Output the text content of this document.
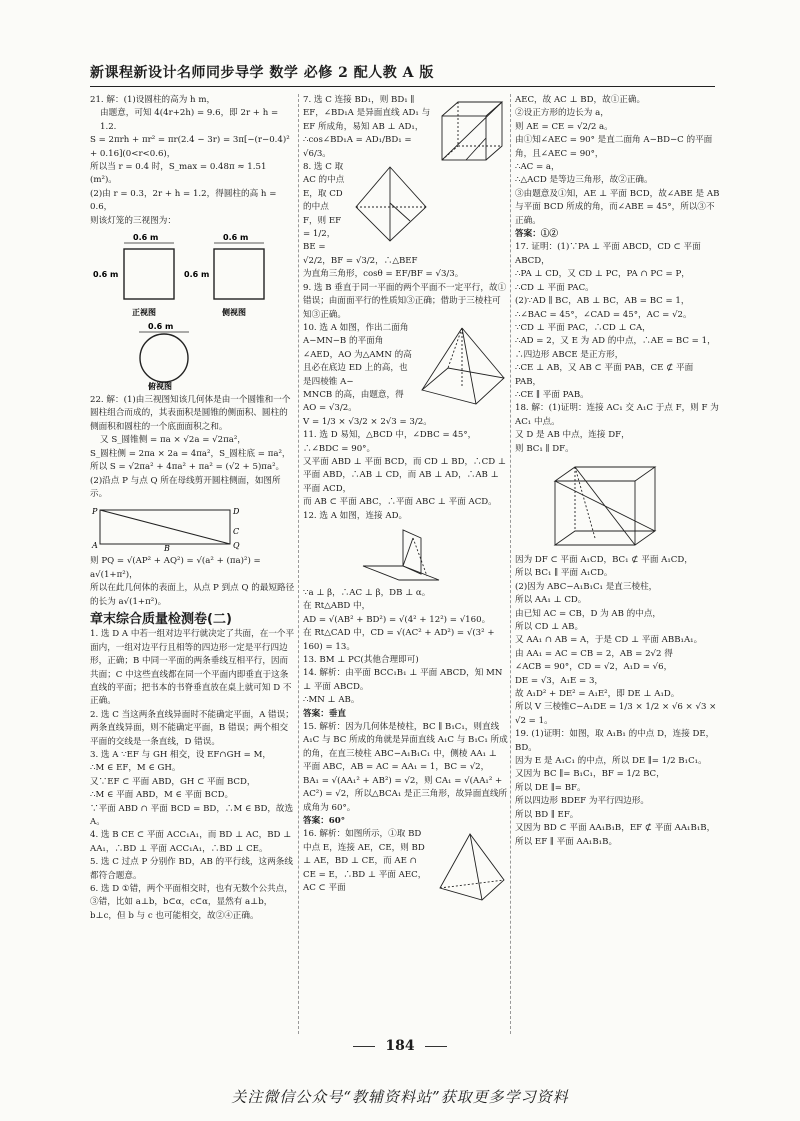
新课程新设计名师同步导学 数学 必修 2 配人教 A 版

21. 解：(1)设圆柱的高为 h m，

由题意，可知 4(4r+2h) = 9.6，即 2r + h = 1.2.

S = 2πrh + πr² = πr(2.4 − 3r) = 3π[−(r−0.4)² + 0.16](0<r<0.6)，

所以当 r = 0.4 时，S_max = 0.48π ≈ 1.51 (m²)。

(2)由 r = 0.3，2r + h = 1.2，得圆柱的高 h = 0.6，

则该灯笼的三视图为：

0.6 m
0.6 m
正视图
0.6 m
0.6 m
侧视图
0.6 m
俯视图

22. 解：(1)由三视图知该几何体是由一个圆锥和一个圆柱组合而成的，其表面积是圆锥的侧面积、圆柱的侧面积和圆柱的一个底面面积之和。

又 S_圆锥侧 = πa × √2a = √2πa²，

S_圆柱侧 = 2πa × 2a = 4πa²，S_圆柱底 = πa²，

所以 S = √2πa² + 4πa² + πa² = (√2 + 5)πa²。

(2)沿点 P 与点 Q 所在母线剪开圆柱侧面，如图所示。

P
A
D
C
Q
B

则 PQ = √(AP² + AQ²) = √(a² + (πa)²) = a√(1+π²)，

所以在此几何体的表面上，从点 P 到点 Q 的最短路径的长为 a√(1+π²)。

章末综合质量检测卷(二)

1. 选 D A 中若一组对边平行就决定了共面，在一个平面内，一组对边平行且相等的四边形一定是平行四边形，正确；B 中同一平面的两条垂线互相平行，因而共面；C 中这些直线都在同一个平面内即垂直于这条直线的平面；把书本的书脊垂直放在桌上就可知 D 不正确。

2. 选 C 当这两条直线异面时不能确定平面，A 错误；两条直线异面，则不能确定平面，B 错误；两个相交平面的交线是一条直线，D 错误。

3. 选 A ∵EF 与 GH 相交，设 EF∩GH = M，

∴M ∈ EF，M ∈ GH。

又∵EF ⊂ 平面 ABD，GH ⊂ 平面 BCD，

∴M ∈ 平面 ABD，M ∈ 平面 BCD。

∵平面 ABD ∩ 平面 BCD = BD，∴M ∈ BD，故选 A。

4. 选 B CE ⊂ 平面 ACC₁A₁，而 BD ⊥ AC，BD ⊥ AA₁，∴BD ⊥ 平面 ACC₁A₁，∴BD ⊥ CE。

5. 选 C 过点 P 分别作 BD，AB 的平行线，这两条线都符合题意。

6. 选 D ①错，两个平面相交时，也有无数个公共点，③错，比如 a⊥b，b⊂α，c⊂α，显然有 a⊥b，b⊥c，但 b 与 c 也可能相交，故②④正确。

7. 选 C 连接 BD₁，则 BD₁ ∥ EF，∠BD₁A 是异面直线 AD₁ 与 EF 所成角，易知 AB ⊥ AD₁，

∴cos∠BD₁A = AD₁/BD₁ = √6/3。

8. 选 C 取 AC 的中点 E，取 CD 的中点 F，则 EF = 1/2，BE = √2/2，BF = √3/2，∴△BEF

为直角三角形，cosθ = EF/BF = √3/3。

9. 选 B 垂直于同一平面的两个平面不一定平行，故①错误；由面面平行的性质知③正确；借助于三棱柱可知③正确。

10. 选 A 如图，作出二面角 A−MN−B 的平面角∠AED，AO 为△AMN 的高且必在底边 ED 上的高，也是四棱锥 A−

MNCB 的高，由题意，得 AO = √3/2。

V = 1/3 × √3/2 × 2√3 = 3/2。

11. 选 D 易知，△BCD 中，∠DBC = 45°，∴∠BDC = 90°。

又平面 ABD ⊥ 平面 BCD，而 CD ⊥ BD，∴CD ⊥ 平面 ABD，∴AB ⊥ CD，而 AB ⊥ AD，∴AB ⊥ 平面 ACD，

而 AB ⊂ 平面 ABC，∴平面 ABC ⊥ 平面 ACD。

12. 选 A 如图，连接 AD。

∵a ⊥ β，∴AC ⊥ β，DB ⊥ α。

在 Rt△ABD 中，

AD = √(AB² + BD²) = √(4² + 12²) = √160。

在 Rt△CAD 中，CD = √(AC² + AD²) = √(3² + 160) = 13。

13. BM ⊥ PC(其他合理即可)

14. 解析：由平面 BCC₁B₁ ⊥ 平面 ABCD，知 MN ⊥ 平面 ABCD。

∴MN ⊥ AB。

答案：垂直

15. 解析：因为几何体是棱柱，BC ∥ B₁C₁，则直线 A₁C 与 BC 所成的角就是异面直线 A₁C 与 B₁C₁ 所成的角，在直三棱柱 ABC−A₁B₁C₁ 中，侧棱 AA₁ ⊥ 平面 ABC，AB = AC = AA₁ = 1，BC = √2，

BA₁ = √(AA₁² + AB²) = √2，则 CA₁ = √(AA₁² + AC²) = √2，所以△BCA₁ 是正三角形，故异面直线所成角为 60°。

答案：60°

16. 解析：如图所示，①取 BD 中点 E，连接 AE，CE，则 BD ⊥ AE，BD ⊥ CE，而 AE ∩ CE = E，∴BD ⊥ 平面 AEC，AC ⊂ 平面

AEC，故 AC ⊥ BD，故①正确。

②设正方形的边长为 a，

则 AE = CE = √2/2 a。

由①知∠AEC = 90° 是直二面角 A−BD−C 的平面角，且∠AEC = 90°，

∴AC = a，

∴△ACD 是等边三角形，故②正确。

③由题意及①知，AE ⊥ 平面 BCD，故∠ABE 是 AB 与平面 BCD 所成的角，而∠ABE = 45°，所以③不正确。

答案：①②

17. 证明：(1)∵PA ⊥ 平面 ABCD，CD ⊂ 平面 ABCD，

∴PA ⊥ CD，又 CD ⊥ PC，PA ∩ PC = P，

∴CD ⊥ 平面 PAC。

(2)∵AD ∥ BC，AB ⊥ BC，AB = BC = 1，

∴∠BAC = 45°，∠CAD = 45°，AC = √2。

∵CD ⊥ 平面 PAC，∴CD ⊥ CA，

∴AD = 2，又 E 为 AD 的中点，∴AE = BC = 1，∴四边形 ABCE 是正方形，

∴CE ⊥ AB，又 AB ⊂ 平面 PAB，CE ⊄ 平面 PAB，

∴CE ∥ 平面 PAB。

18. 解：(1)证明：连接 AC₁ 交 A₁C 于点 F，则 F 为 AC₁ 中点。

又 D 是 AB 中点，连接 DF，

则 BC₁ ∥ DF。

因为 DF ⊂ 平面 A₁CD，BC₁ ⊄ 平面 A₁CD，

所以 BC₁ ∥ 平面 A₁CD。

(2)因为 ABC−A₁B₁C₁ 是直三棱柱，

所以 AA₁ ⊥ CD。

由已知 AC = CB，D 为 AB 的中点，

所以 CD ⊥ AB。

又 AA₁ ∩ AB = A，于是 CD ⊥ 平面 ABB₁A₁。

由 AA₁ = AC = CB = 2，AB = 2√2 得

∠ACB = 90°，CD = √2，A₁D = √6，

DE = √3，A₁E = 3，

故 A₁D² + DE² = A₁E²，即 DE ⊥ A₁D。

所以 V 三棱锥C−A₁DE = 1/3 × 1/2 × √6 × √3 × √2 = 1。

19. (1)证明：如图，取 A₁B₁ 的中点 D，连接 DE，BD。

因为 E 是 A₁C₁ 的中点，所以 DE ∥= 1/2 B₁C₁。

又因为 BC ∥= B₁C₁，BF = 1/2 BC，

所以 DE ∥= BF。

所以四边形 BDEF 为平行四边形。

所以 BD ∥ EF。

又因为 BD ⊂ 平面 AA₁B₁B，EF ⊄ 平面 AA₁B₁B，

所以 EF ∥ 平面 AA₁B₁B。

184
关注微信公众号“教辅资料站”获取更多学习资料
